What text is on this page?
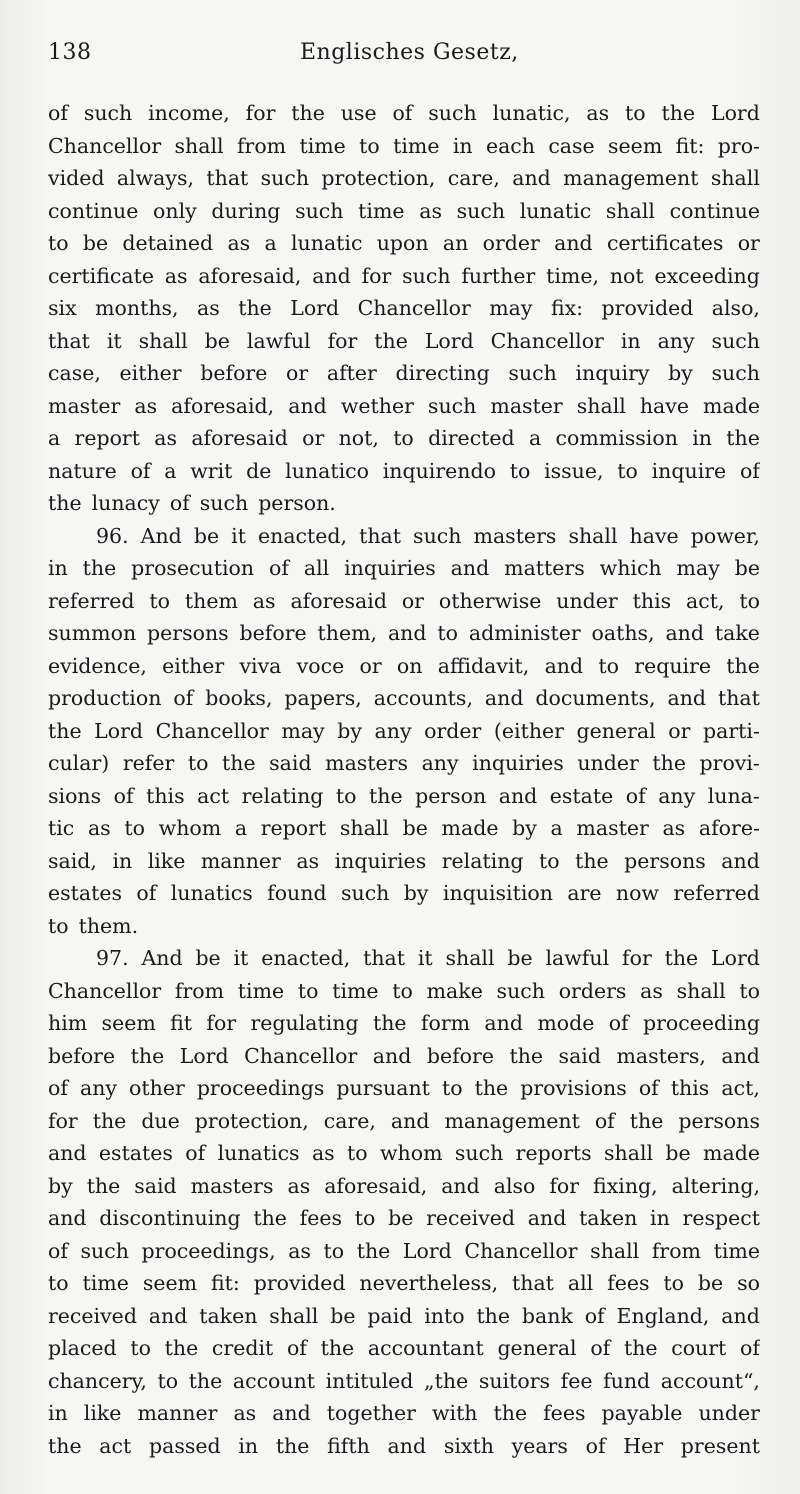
138	Englisches Gesetz,
of such income, for the use of such lunatic, as to the Lord
Chancellor shall from time to time in each case seem fit: pro-
vided always, that such protection, care, and management shall
continue only during such time as such lunatic shall continue
to be detained as a lunatic upon an order and certificates or
certificate as aforesaid, and for such further time, not exceeding
six months, as the Lord Chancellor may fix: provided also,
that it shall be lawful for the Lord Chancellor in any such
case, either before or after directing such inquiry by such
master as aforesaid, and wether such master shall have made
a report as aforesaid or not, to directed a commission in the
nature of a writ de lunatico inquirendo to issue, to inquire of
the lunacy of such person.
96. And be it enacted, that such masters shall have power,
in the prosecution of all inquiries and matters which may be
referred to them as aforesaid or otherwise under this act, to
summon persons before them, and to administer oaths, and take
evidence, either viva voce or on affidavit, and to require the
production of books, papers, accounts, and documents, and that
the Lord Chancellor may by any order (either general or parti-
cular) refer to the said masters any inquiries under the provi-
sions of this act relating to the person and estate of any luna-
tic as to whom a report shall be made by a master as afore-
said, in like manner as inquiries relating to the persons and
estates of lunatics found such by inquisition are now referred
to them.
97. And be it enacted, that it shall be lawful for the Lord
Chancellor from time to time to make such orders as shall to
him seem fit for regulating the form and mode of proceeding
before the Lord Chancellor and before the said masters, and
of any other proceedings pursuant to the provisions of this act,
for the due protection, care, and management of the persons
and estates of lunatics as to whom such reports shall be made
by the said masters as aforesaid, and also for fixing, altering,
and discontinuing the fees to be received and taken in respect
of such proceedings, as to the Lord Chancellor shall from time
to time seem fit: provided nevertheless, that all fees to be so
received and taken shall be paid into the bank of England, and
placed to the credit of the accountant general of the court of
chancery, to the account intituled „the suitors fee fund account“,
in like manner as and together with the fees payable under
the act passed in the fifth and sixth years of Her present
